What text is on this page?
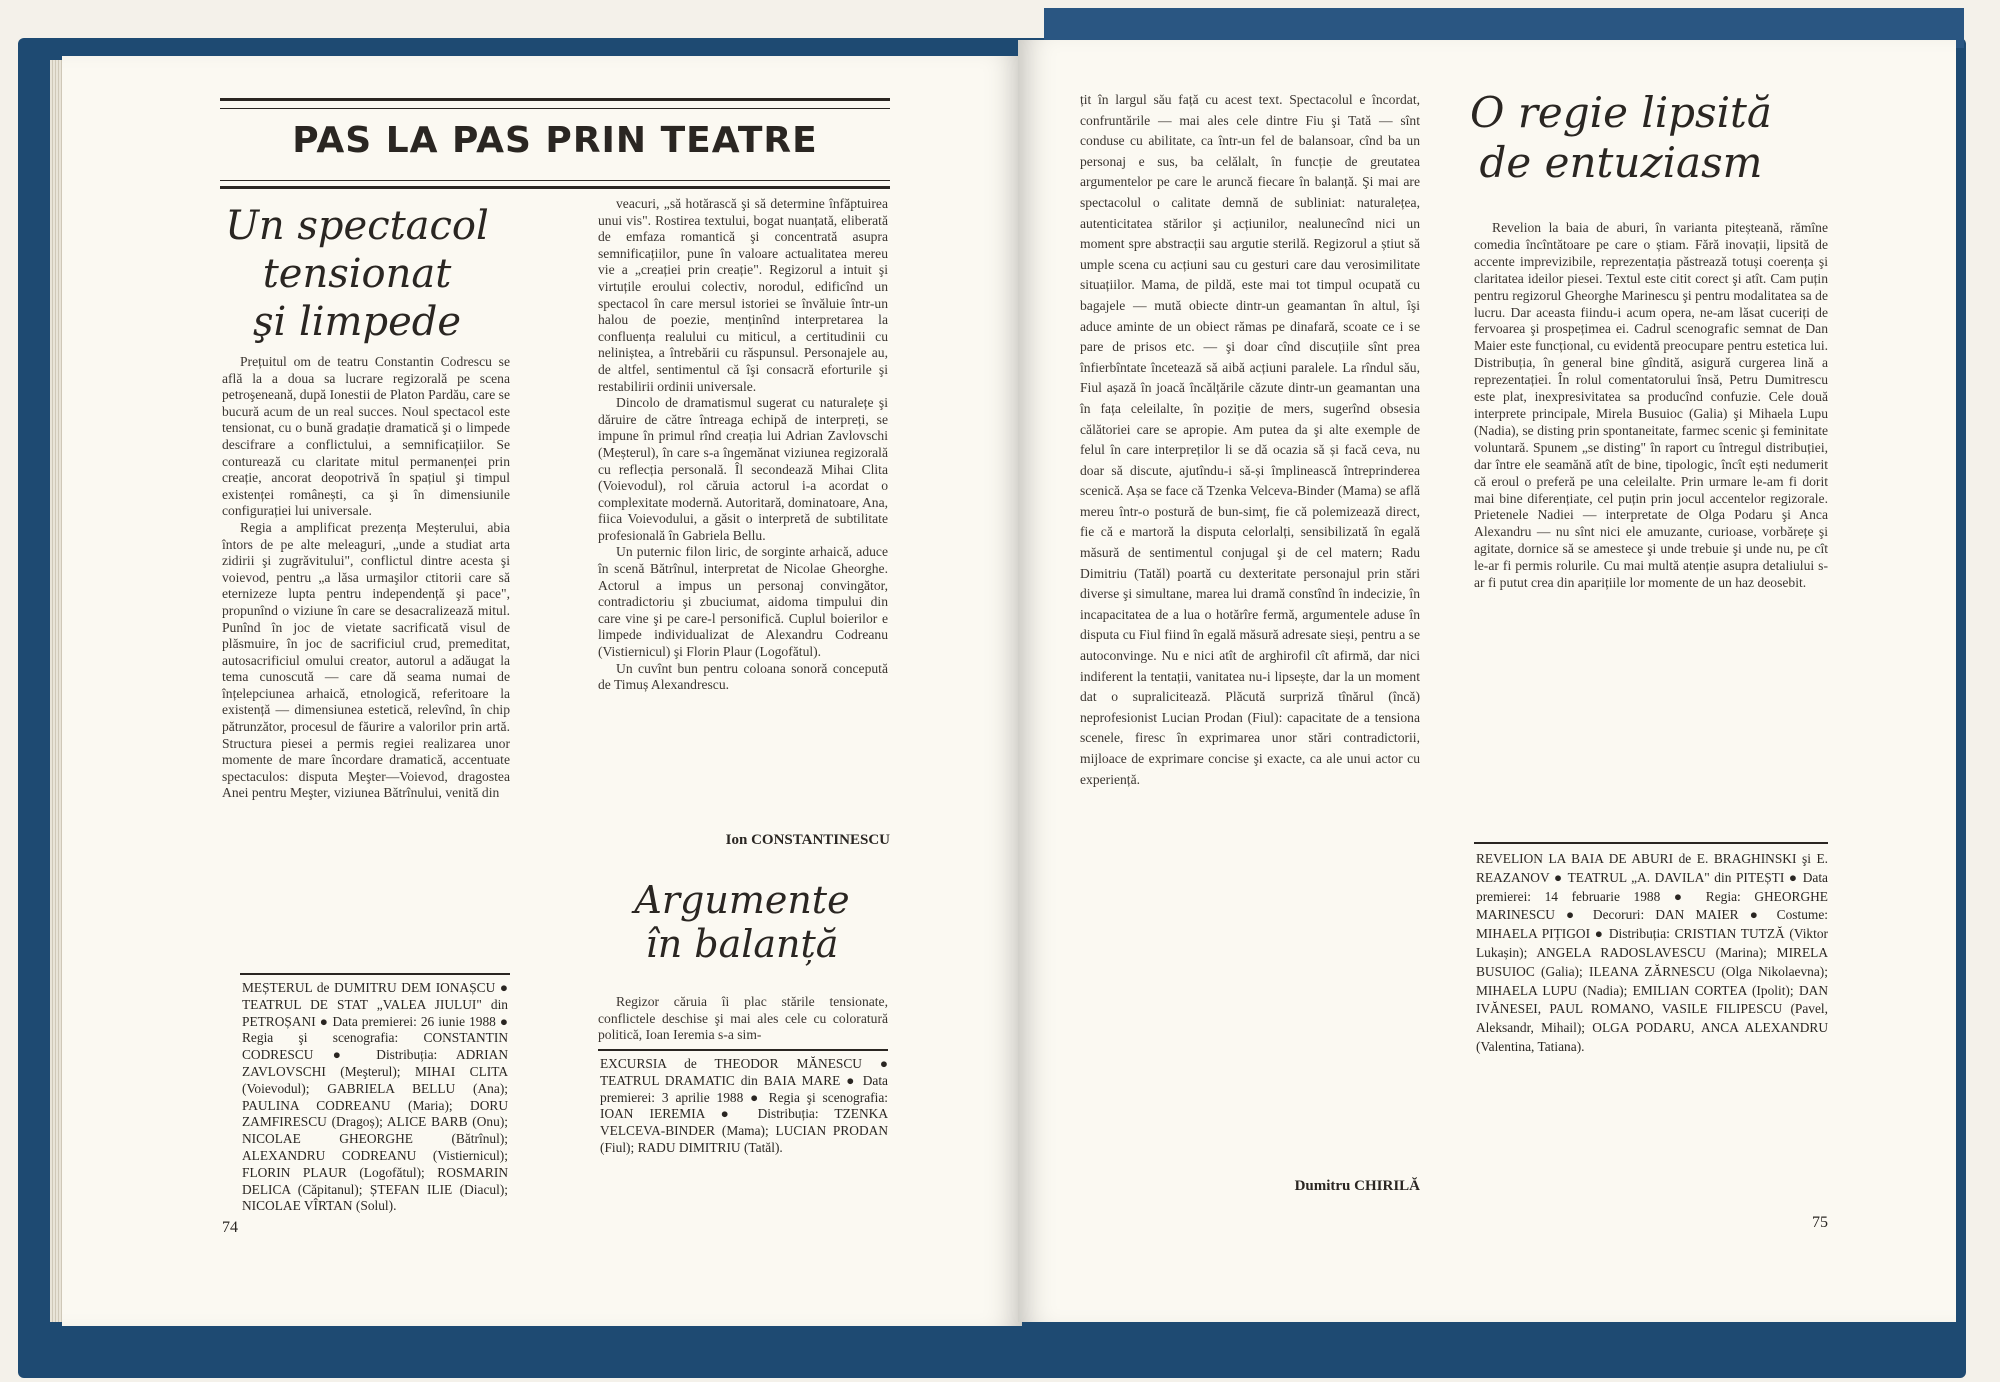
PAS LA PAS PRIN TEATRE
Un spectacol
tensionat
şi limpede

Prețuitul om de teatru Constantin Codrescu se află la a doua sa lucrare regizorală pe scena petroşeneană, după Ionestii de Platon Pardău, care se bucură acum de un real succes. Noul spectacol este tensionat, cu o bună gradație dramatică şi o limpede descifrare a conflictului, a semnificațiilor. Se conturează cu claritate mitul permanenței prin creație, ancorat deopotrivă în spațiul şi timpul existenței românești, ca şi în dimensiunile configurației lui universale.

Regia a amplificat prezența Meșterului, abia întors de pe alte meleaguri, „unde a studiat arta zidirii şi zugrăvitului", conflictul dintre acesta şi voievod, pentru „a lăsa urmaşilor ctitorii care să eternizeze lupta pentru independență şi pace", propunînd o viziune în care se desacralizează mitul. Punînd în joc de vietate sacrificată visul de plăsmuire, în joc de sacrificiul crud, premeditat, autosacrificiul omului creator, autorul a adăugat la tema cunoscută — care dă seama numai de înțelepciunea arhaică, etnologică, referitoare la existență — dimensiunea estetică, relevînd, în chip pătrunzător, procesul de făurire a valorilor prin artă. Structura piesei a permis regiei realizarea unor momente de mare încordare dramatică, accentuate spectaculos: disputa Meşter—Voievod, dragostea Anei pentru Meşter, viziunea Bătrînului, venită din

veacuri, „să hotărască şi să determine înfăptuirea unui vis". Rostirea textului, bogat nuanțată, eliberată de emfaza romantică şi concentrată asupra semnificațiilor, pune în valoare actualitatea mereu vie a „creației prin creație". Regizorul a intuit şi virtuțile eroului colectiv, norodul, edificînd un spectacol în care mersul istoriei se învăluie într-un halou de poezie, menținînd interpretarea la confluența realului cu miticul, a certitudinii cu neliniștea, a întrebării cu răspunsul. Personajele au, de altfel, sentimentul că îşi consacră eforturile şi restabilirii ordinii universale.

Dincolo de dramatismul sugerat cu naturalețe şi dăruire de către întreaga echipă de interpreți, se impune în primul rînd creația lui Adrian Zavlovschi (Meșterul), în care s-a îngemănat viziunea regizorală cu reflecția personală. Îl secondează Mihai Clita (Voievodul), rol căruia actorul i-a acordat o complexitate modernă. Autoritară, dominatoare, Ana, fiica Voievodului, a găsit o interpretă de subtilitate profesională în Gabriela Bellu.

Un puternic filon liric, de sorginte arhaică, aduce în scenă Bătrînul, interpretat de Nicolae Gheorghe. Actorul a impus un personaj convingător, contradictoriu şi zbuciumat, aidoma timpului din care vine şi pe care-l personifică. Cuplul boierilor e limpede individualizat de Alexandru Codreanu (Vistiernicul) şi Florin Plaur (Logofătul).

Un cuvînt bun pentru coloana sonoră concepută de Timuș Alexandrescu.

Ion CONSTANTINESCU
MEȘTERUL de DUMITRU DEM IONAȘCU ● TEATRUL DE STAT „VALEA JIULUI" din PETROȘANI ● Data premierei: 26 iunie 1988 ● Regia şi scenografia: CONSTANTIN CODRESCU ● Distribuția: ADRIAN ZAVLOVSCHI (Meşterul); MIHAI CLITA (Voievodul); GABRIELA BELLU (Ana); PAULINA CODREANU (Maria); DORU ZAMFIRESCU (Dragoș); ALICE BARB (Onu); NICOLAE GHEORGHE (Bătrînul); ALEXANDRU CODREANU (Vistiernicul); FLORIN PLAUR (Logofătul); ROSMARIN DELICA (Căpitanul); ȘTEFAN ILIE (Diacul); NICOLAE VÎRTAN (Solul).
Argumente
în balanță

Regizor căruia îi plac stările tensionate, conflictele deschise şi mai ales cele cu coloratură politică, Ioan Ieremia s-a sim-

EXCURSIA de THEODOR MĂNESCU ● TEATRUL DRAMATIC din BAIA MARE ● Data premierei: 3 aprilie 1988 ● Regia şi scenografia: IOAN IEREMIA ● Distribuția: TZENKA VELCEVA-BINDER (Mama); LUCIAN PRODAN (Fiul); RADU DIMITRIU (Tatăl).
74

țit în largul său față cu acest text. Spectacolul e încordat, confruntările — mai ales cele dintre Fiu şi Tată — sînt conduse cu abilitate, ca într-un fel de balansoar, cînd ba un personaj e sus, ba celălalt, în funcție de greutatea argumentelor pe care le aruncă fiecare în balanță. Şi mai are spectacolul o calitate demnă de subliniat: naturalețea, autenticitatea stărilor şi acțiunilor, nealunecînd nici un moment spre abstracții sau argutie sterilă. Regizorul a știut să umple scena cu acțiuni sau cu gesturi care dau verosimilitate situațiilor. Mama, de pildă, este mai tot timpul ocupată cu bagajele — mută obiecte dintr-un geamantan în altul, îşi aduce aminte de un obiect rămas pe dinafară, scoate ce i se pare de prisos etc. — şi doar cînd discuțiile sînt prea înfierbîntate încetează să aibă acțiuni paralele. La rîndul său, Fiul așază în joacă încălțările căzute dintr-un geamantan una în fața celeilalte, în poziție de mers, sugerînd obsesia călătoriei care se apropie. Am putea da şi alte exemple de felul în care interpreților li se dă ocazia să și facă ceva, nu doar să discute, ajutîndu-i să-și împlinească întreprinderea scenică. Așa se face că Tzenka Velceva-Binder (Mama) se află mereu într-o postură de bun-simț, fie că polemizează direct, fie că e martoră la disputa celorlalți, sensibilizată în egală măsură de sentimentul conjugal şi de cel matern; Radu Dimitriu (Tatăl) poartă cu dexteritate personajul prin stări diverse şi simultane, marea lui dramă constînd în indecizie, în incapacitatea de a lua o hotărîre fermă, argumentele aduse în disputa cu Fiul fiind în egală măsură adresate sieși, pentru a se autoconvinge. Nu e nici atît de arghirofil cît afirmă, dar nici indiferent la tentații, vanitatea nu-i lipsește, dar la un moment dat o supralicitează. Plăcută surpriză tînărul (încă) neprofesionist Lucian Prodan (Fiul): capacitate de a tensiona scenele, firesc în exprimarea unor stări contradictorii, mijloace de exprimare concise şi exacte, ca ale unui actor cu experiență.

Dumitru CHIRILĂ
O regie lipsită
de entuziasm

Revelion la baia de aburi, în varianta piteșteană, rămîne comedia încîntătoare pe care o știam. Fără inovații, lipsită de accente imprevizibile, reprezentația păstrează totuși coerența şi claritatea ideilor piesei. Textul este citit corect şi atît. Cam puțin pentru regizorul Gheorghe Marinescu şi pentru modalitatea sa de lucru. Dar aceasta fiindu-i acum opera, ne-am lăsat cuceriți de fervoarea şi prospețimea ei. Cadrul scenografic semnat de Dan Maier este funcțional, cu evidentă preocupare pentru estetica lui. Distribuția, în general bine gîndită, asigură curgerea lină a reprezentației. În rolul comentatorului însă, Petru Dumitrescu este plat, inexpresivitatea sa producînd confuzie. Cele două interprete principale, Mirela Busuioc (Galia) şi Mihaela Lupu (Nadia), se disting prin spontaneitate, farmec scenic şi feminitate voluntară. Spunem „se disting" în raport cu întregul distribuției, dar între ele seamănă atît de bine, tipologic, încît ești nedumerit că eroul o preferă pe una celeilalte. Prin urmare le-am fi dorit mai bine diferențiate, cel puțin prin jocul accentelor regizorale. Prietenele Nadiei — interpretate de Olga Podaru şi Anca Alexandru — nu sînt nici ele amuzante, curioase, vorbărețe şi agitate, dornice să se amestece şi unde trebuie şi unde nu, pe cît le-ar fi permis rolurile. Cu mai multă atenție asupra detaliului s-ar fi putut crea din aparițiile lor momente de un haz deosebit.

REVELION LA BAIA DE ABURI de E. BRAGHINSKI şi E. REAZANOV ● TEATRUL „A. DAVILA" din PITEȘTI ● Data premierei: 14 februarie 1988 ● Regia: GHEORGHE MARINESCU ● Decoruri: DAN MAIER ● Costume: MIHAELA PIȚIGOI ● Distribuția: CRISTIAN TUTZĂ (Viktor Lukașin); ANGELA RADOSLAVESCU (Marina); MIRELA BUSUIOC (Galia); ILEANA ZĂRNESCU (Olga Nikolaevna); MIHAELA LUPU (Nadia); EMILIAN CORTEA (Ipolit); DAN IVĂNESEI, PAUL ROMANO, VASILE FILIPESCU (Pavel, Aleksandr, Mihail); OLGA PODARU, ANCA ALEXANDRU (Valentina, Tatiana).
75
